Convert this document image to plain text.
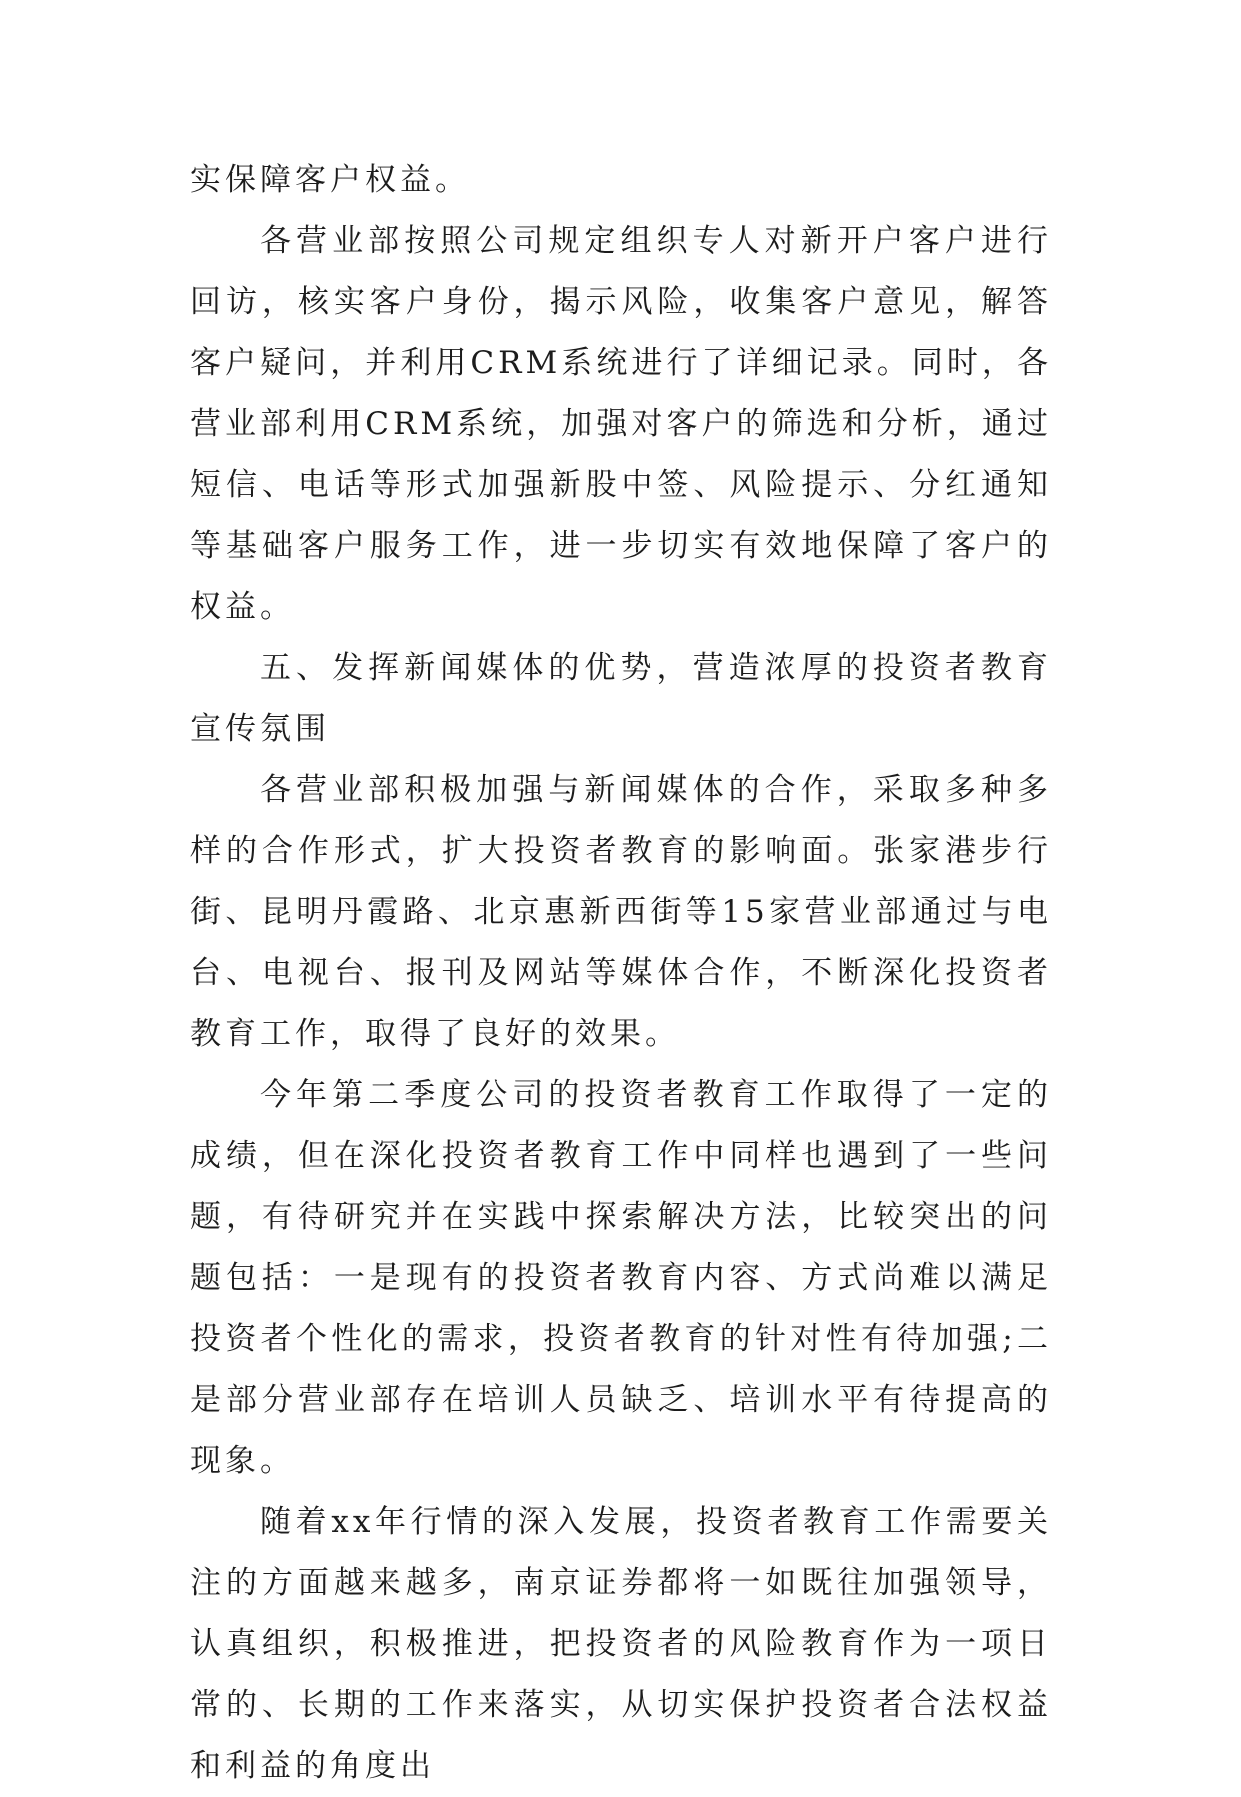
实保障客户权益。

各营业部按照公司规定组织专人对新开户客户进行回访，核实客户身份，揭示风险，收集客户意见，解答客户疑问，并利用CRM系统进行了详细记录。同时，各营业部利用CRM系统，加强对客户的筛选和分析，通过短信、电话等形式加强新股中签、风险提示、分红通知等基础客户服务工作，进一步切实有效地保障了客户的权益。

五、发挥新闻媒体的优势，营造浓厚的投资者教育宣传氛围

各营业部积极加强与新闻媒体的合作，采取多种多样的合作形式，扩大投资者教育的影响面。张家港步行街、昆明丹霞路、北京惠新西街等15家营业部通过与电台、电视台、报刊及网站等媒体合作，不断深化投资者教育工作，取得了良好的效果。

今年第二季度公司的投资者教育工作取得了一定的成绩，但在深化投资者教育工作中同样也遇到了一些问题，有待研究并在实践中探索解决方法，比较突出的问题包括：一是现有的投资者教育内容、方式尚难以满足投资者个性化的需求，投资者教育的针对性有待加强;二是部分营业部存在培训人员缺乏、培训水平有待提高的现象。

随着xx年行情的深入发展，投资者教育工作需要关注的方面越来越多，南京证券都将一如既往加强领导，认真组织，积极推进，把投资者的风险教育作为一项日常的、长期的工作来落实，从切实保护投资者合法权益和利益的角度出
